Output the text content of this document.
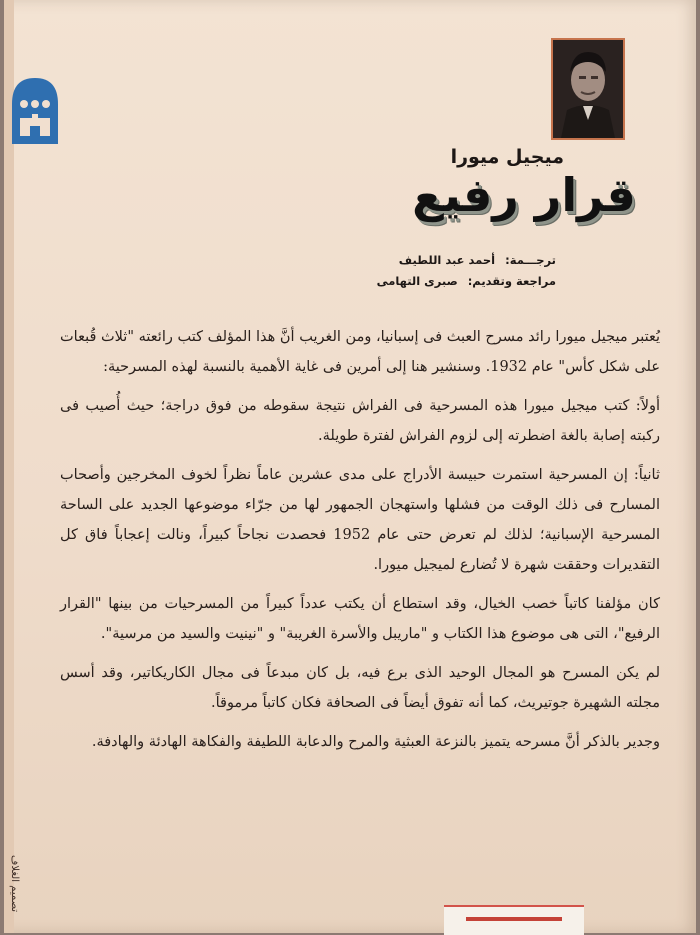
ميجيل ميورا
قرار رفيع
ترجـــمة: أحمد عبد اللطيف
مراجعة وتقديم: صبرى التهامى

يُعتبر ميجيل ميورا رائد مسرح العبث فى إسبانيا، ومن الغريب أنَّ هذا المؤلف كتب رائعته "ثلاث قُبعات على شكل كأس" عام 1932. وسنشير هنا إلى أمرين فى غاية الأهمية بالنسبة لهذه المسرحية:

أولاً: كتب ميجيل ميورا هذه المسرحية فى الفراش نتيجة سقوطه من فوق دراجة؛ حيث أُصيب فى ركبته إصابة بالغة اضطرته إلى لزوم الفراش لفترة طويلة.

ثانياً: إن المسرحية استمرت حبيسة الأدراج على مدى عشرين عاماً نظراً لخوف المخرجين وأصحاب المسارح فى ذلك الوقت من فشلها واستهجان الجمهور لها من جرّاء موضوعها الجديد على الساحة المسرحية الإسبانية؛ لذلك لم تعرض حتى عام 1952 فحصدت نجاحاً كبيراً، ونالت إعجاباً فاق كل التقديرات وحققت شهرة لا تُضارع لميجيل ميورا.

كان مؤلفنا كاتباً خصب الخيال، وقد استطاع أن يكتب عدداً كبيراً من المسرحيات من بينها "القرار الرفيع"، التى هى موضوع هذا الكتاب و "ماريبل والأسرة الغريبة" و "نينيت والسيد من مرسية".

لم يكن المسرح هو المجال الوحيد الذى برع فيه، بل كان مبدعاً فى مجال الكاريكاتير، وقد أسس مجلته الشهيرة جوتيريث، كما أنه تفوق أيضاً فى الصحافة فكان كاتباً مرموقاً.

وجدير بالذكر أنَّ مسرحه يتميز بالنزعة العبثية والمرح والدعابة اللطيفة والفكاهة الهادئة والهادفة.

تصميم الغلاف
